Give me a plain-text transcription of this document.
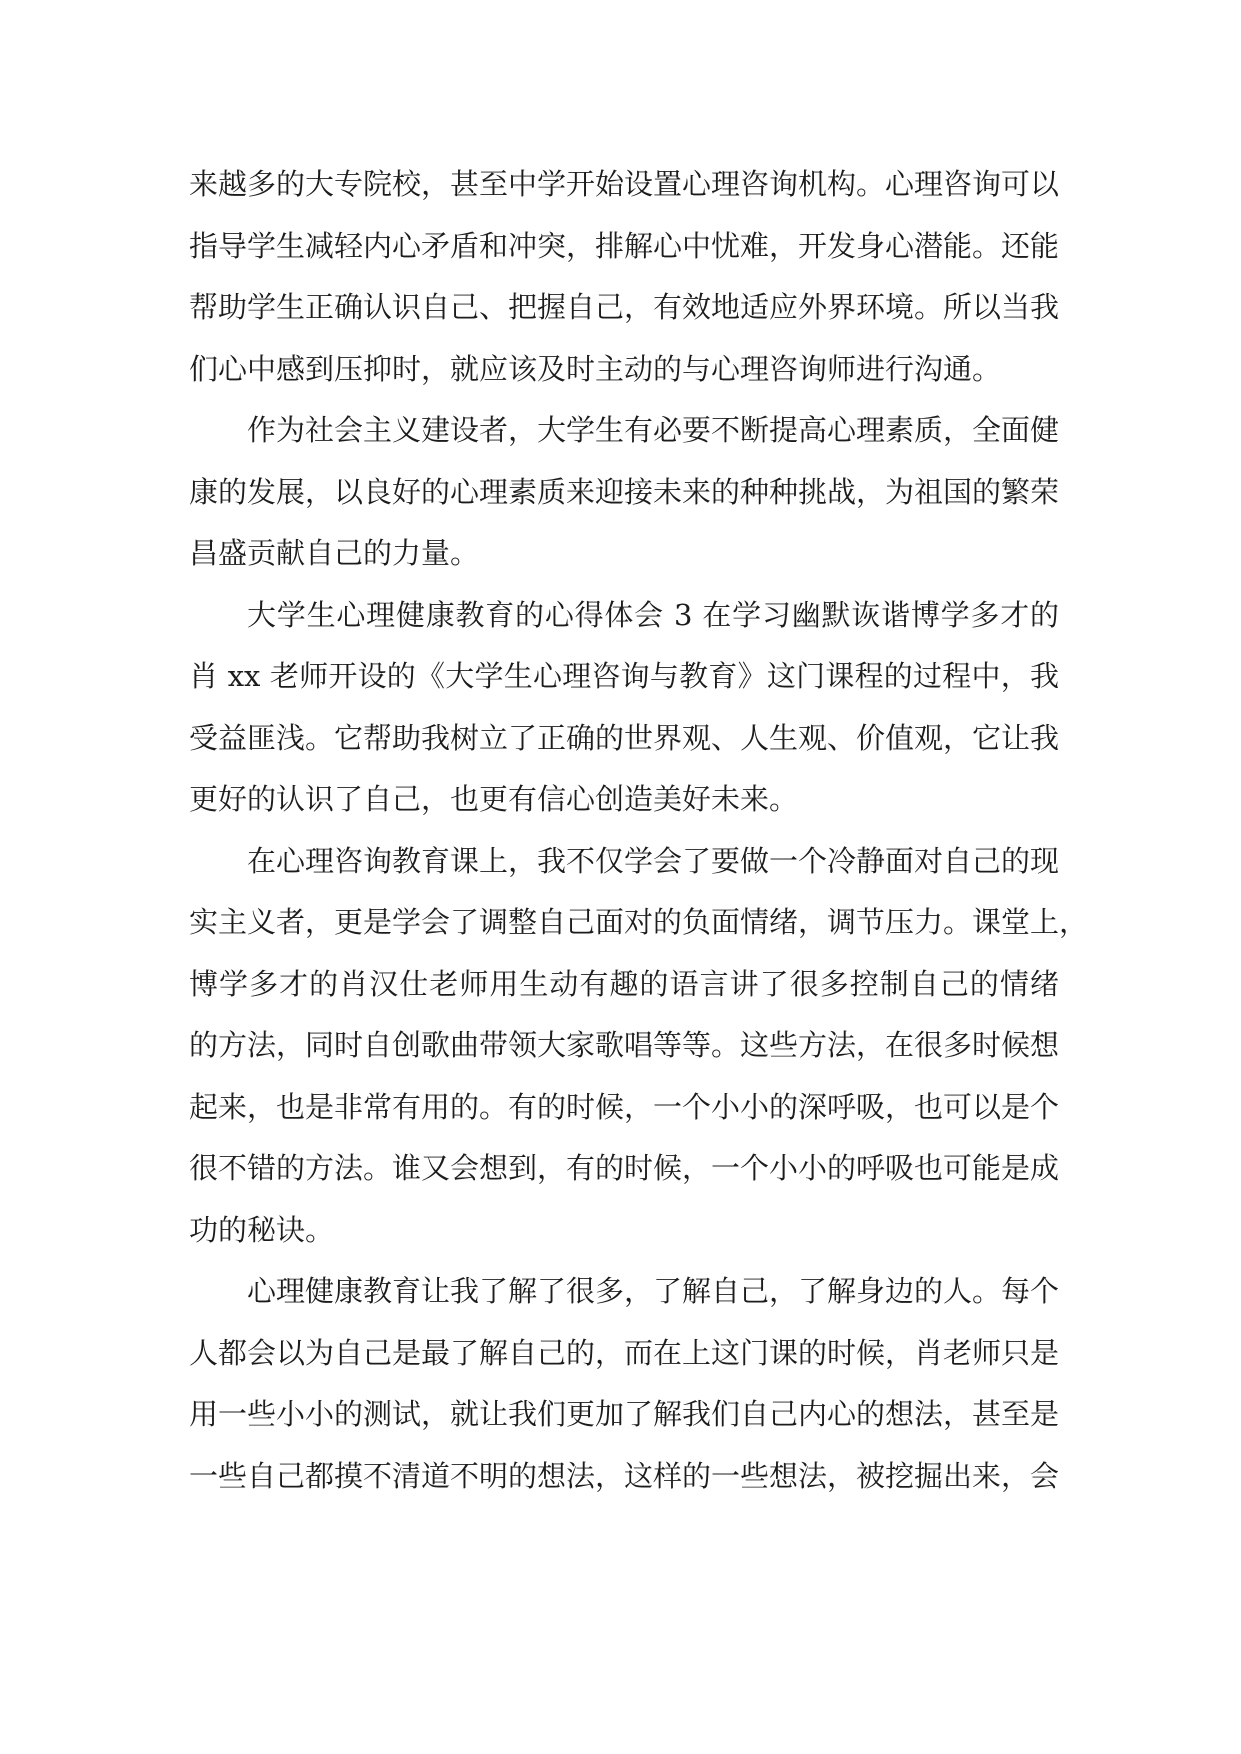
来越多的大专院校，甚至中学开始设置心理咨询机构。心理咨询可以
指导学生减轻内心矛盾和冲突，排解心中忧难，开发身心潜能。还能
帮助学生正确认识自己、把握自己，有效地适应外界环境。所以当我
们心中感到压抑时，就应该及时主动的与心理咨询师进行沟通。
作为社会主义建设者，大学生有必要不断提高心理素质，全面健
康的发展，以良好的心理素质来迎接未来的种种挑战，为祖国的繁荣
昌盛贡献自己的力量。
大学生心理健康教育的心得体会 3 在学习幽默诙谐博学多才的
肖 xx 老师开设的《大学生心理咨询与教育》这门课程的过程中，我
受益匪浅。它帮助我树立了正确的世界观、人生观、价值观，它让我
更好的认识了自己，也更有信心创造美好未来。
在心理咨询教育课上，我不仅学会了要做一个冷静面对自己的现
实主义者，更是学会了调整自己面对的负面情绪，调节压力。课堂上，
博学多才的肖汉仕老师用生动有趣的语言讲了很多控制自己的情绪
的方法，同时自创歌曲带领大家歌唱等等。这些方法，在很多时候想
起来，也是非常有用的。有的时候，一个小小的深呼吸，也可以是个
很不错的方法。谁又会想到，有的时候，一个小小的呼吸也可能是成
功的秘诀。
心理健康教育让我了解了很多，了解自己，了解身边的人。每个
人都会以为自己是最了解自己的，而在上这门课的时候，肖老师只是
用一些小小的测试，就让我们更加了解我们自己内心的想法，甚至是
一些自己都摸不清道不明的想法，这样的一些想法，被挖掘出来，会
